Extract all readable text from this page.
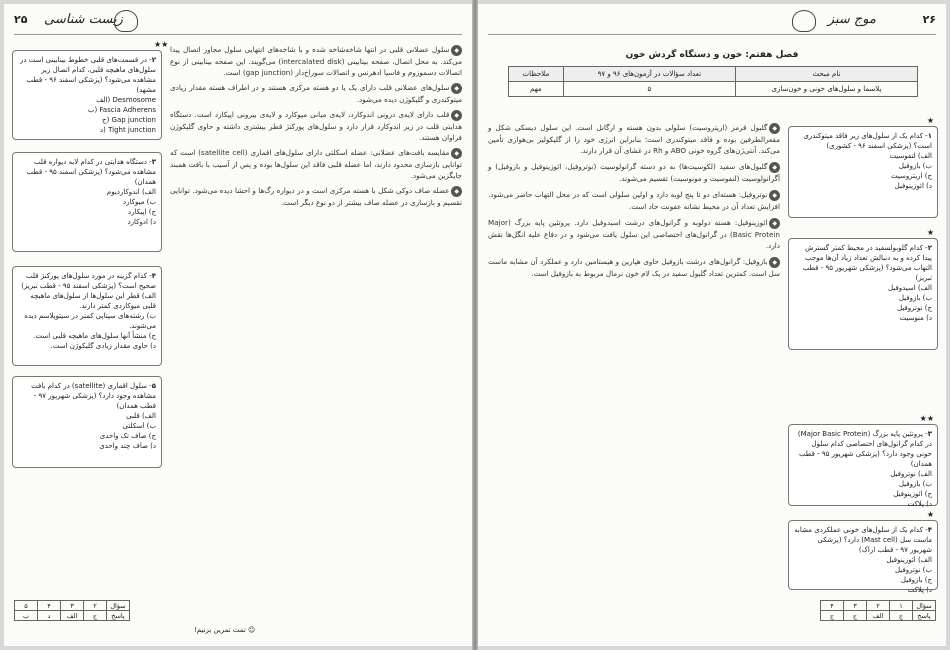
۲۵ زیست شناسی
★★
۲- در قسمت‌های قلبی خطوط بینابینی است در سلول‌های ماهیچه قلبی، کدام اتصال زیر مشاهده می‌شود؟ (پزشکی اسفند ۹۶ - قطب مشهد)
الف) Desmosome
ب) Fascia Adherens
ج) Gap junction
د) Tight junction
۳- دستگاه هدایتی در کدام لایه دیواره قلب مشاهده می‌شود؟ (پزشکی اسفند ۹۵ - قطب همدان)
الف) اندوکاردیوم
ب) میوکارد
ج) اپیکارد
د) ادوکارد
۴- کدام گزینه در مورد سلول‌های پورکنژ قلب صحیح است؟ (پزشکی اسفند ۹۵ - قطب تبریز)
الف) قطر این سلول‌ها از سلول‌های ماهیچه قلبی میوکاردی کمتر دارند.
ب) رشته‌های سپتاپی کمتر در سیتوپلاسم دیده می‌شوند.
ج) منشأ آنها سلول‌های ماهیچه قلبی است.
د) حاوی مقدار زیادی گلیکوژن است.
۵- سلول اقماری (satellite) در کدام بافت مشاهده وجود دارد؟ (پزشکی شهریور ۹۷ - قطب همدان)
الف) قلبی
ب) اسکلتی
ج) صاف تک واحدی
د) صاف چند واحدی

◆سلول عضلانی قلبی در انتها شاخه‌شاخه شده و با شاخه‌های انتهایی سلول مجاور اتصال پیدا می‌کند. به محل اتصال، صفحه بینابینی (intercalated disk) می‌گویند. این صفحه بینابینی از نوع اتصالات دسموزوم و فاسیا ادهرنس و اتصالات سوراخ‌دار (gap junction) است.

◆سلول‌های عضلانی قلب دارای یک یا دو هسته مرکزی هستند و در اطراف هسته مقدار زیادی میتوکندری و گلیکوژن دیده می‌شود.

◆قلب دارای لایه‌ی درونی اندوکارد، لایه‌ی میانی میوکارد و لایه‌ی بیرونی اپیکارد است. دستگاه هدایتی قلب در زیر اندوکارد قرار دارد و سلول‌های پورکنژ قطر بیشتری داشته و حاوی گلیکوژن فراوان هستند.

◆مقایسه بافت‌های عضلانی: عضله اسکلتی دارای سلول‌های اقماری (satellite cell) است که توانایی بازسازی محدود دارند، اما عضله قلبی فاقد این سلول‌ها بوده و پس از آسیب با بافت همبند جایگزین می‌شود.

◆عضله صاف دوکی شکل با هسته مرکزی است و در دیواره رگ‌ها و احشا دیده می‌شود. توانایی تقسیم و بازسازی در عضله صاف بیشتر از دو نوع دیگر است.

سؤال	۲	۳	۴	۵
پاسخ	ج	الف	د	ب
☺ تمت تمرین بزنیم!
موج سبز	۲۶
فصل هفتم: خون و دستگاه گردش خون
نام مبحث	تعداد سؤالات در آزمون‌های ۹۶ و ۹۷	ملاحظات
پلاسما و سلول‌های خونی و خون‌سازی	۵	مهم
★
۱- کدام یک از سلول‌های زیر فاقد میتوکندری است؟ (پزشکی اسفند ۹۶ - کشوری)
الف) لنفوسیت
ب) بازوفیل
ج) اریتروسیت
د) ائوزینوفیل
★
۲- کدام گلوبولسفید در محیط کمتر گسترش پیدا کرده و به دنبالش تعداد زیاد آن‌ها موجب التهاب می‌شود؟ (پزشکی شهریور ۹۵ - قطب تبریز)
الف) اسیدوفیل
ب) بازوفیل
ج) نوتروفیل
د) منوسیت
★★
۳- پروتئین پایه بزرگ (Major Basic Protein) در کدام گرانول‌های اختصاصی کدام سلول خونی وجود دارد؟ (پزشکی شهریور ۹۵ - قطب همدان)
الف) نوتروفیل
ب) بازوفیل
ج) ائوزینوفیل
د) پلاکت
★
۴- کدام یک از سلول‌های خونی عملکردی مشابه ماست سل (Mast cell) دارد؟ (پزشکی شهریور ۹۷ - قطب اراک)
الف) ائوزینوفیل
ب) نوتروفیل
ج) بازوفیل
د) پلاکت

◆گلبول قرمز (اریتروسیت) سلولی بدون هسته و ارگانل است. این سلول دیسکی شکل و مقعرالطرفین بوده و فاقد میتوکندری است؛ بنابراین انرژی خود را از گلیکولیز بی‌هوازی تأمین می‌کند. آنتی‌ژن‌های گروه خونی ABO و Rh در غشای آن قرار دارند.

◆گلبول‌های سفید (لکوسیت‌ها) به دو دسته گرانولوسیت (نوتروفیل، ائوزینوفیل و بازوفیل) و آگرانولوسیت (لنفوسیت و مونوسیت) تقسیم می‌شوند.

◆نوتروفیل: هسته‌ای دو تا پنج لوبه دارد و اولین سلولی است که در محل التهاب حاضر می‌شود. افزایش تعداد آن در محیط نشانه عفونت حاد است.

◆ائوزینوفیل: هسته دولوبه و گرانول‌های درشت اسیدوفیل دارد. پروتئین پایه بزرگ (Major Basic Protein) در گرانول‌های اختصاصی این سلول یافت می‌شود و در دفاع علیه انگل‌ها نقش دارد.

◆بازوفیل: گرانول‌های درشت بازوفیل حاوی هپارین و هیستامین دارد و عملکرد آن مشابه ماست سل است. کمترین تعداد گلبول سفید در یک لام خون نرمال مربوط به بازوفیل است.

سؤال	۱	۲	۳	۴
پاسخ	ج	الف	ج	ج
